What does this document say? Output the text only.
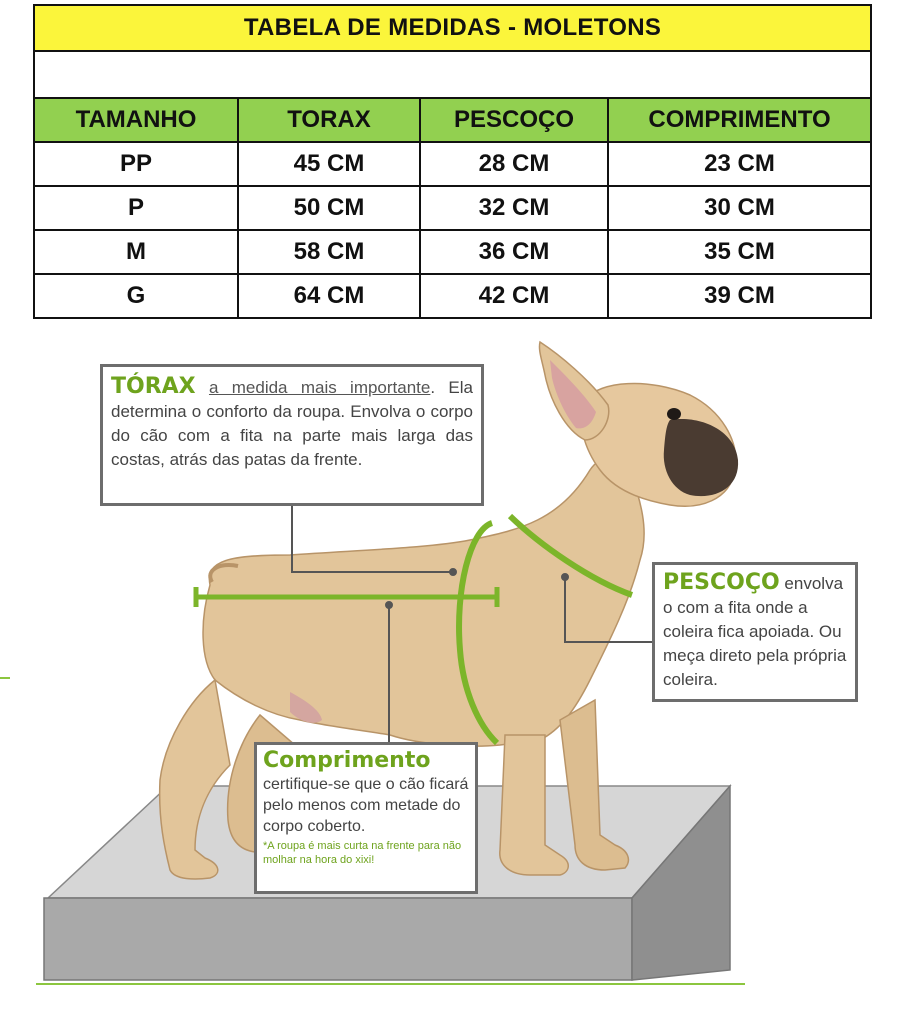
TABELA DE MEDIDAS - MOLETONS			

TAMANHO	TORAX	PESCOÇO	COMPRIMENTO
PP	45 CM	28 CM	23 CM
P	50 CM	32 CM	30 CM
M	58 CM	36 CM	35 CM
G	64 CM	42 CM	39 CM
TÓRAX a medida mais importante. Ela determina o conforto da roupa. Envolva o corpo do cão com a fita na parte mais larga das costas, atrás das patas da frente.
PESCOÇO envolva o com a fita onde a coleira fica apoiada. Ou meça direto pela própria coleira.
Comprimento
certifique-se que o cão ficará pelo menos com metade do corpo coberto.
*A roupa é mais curta na frente para não molhar na hora do xixi!
